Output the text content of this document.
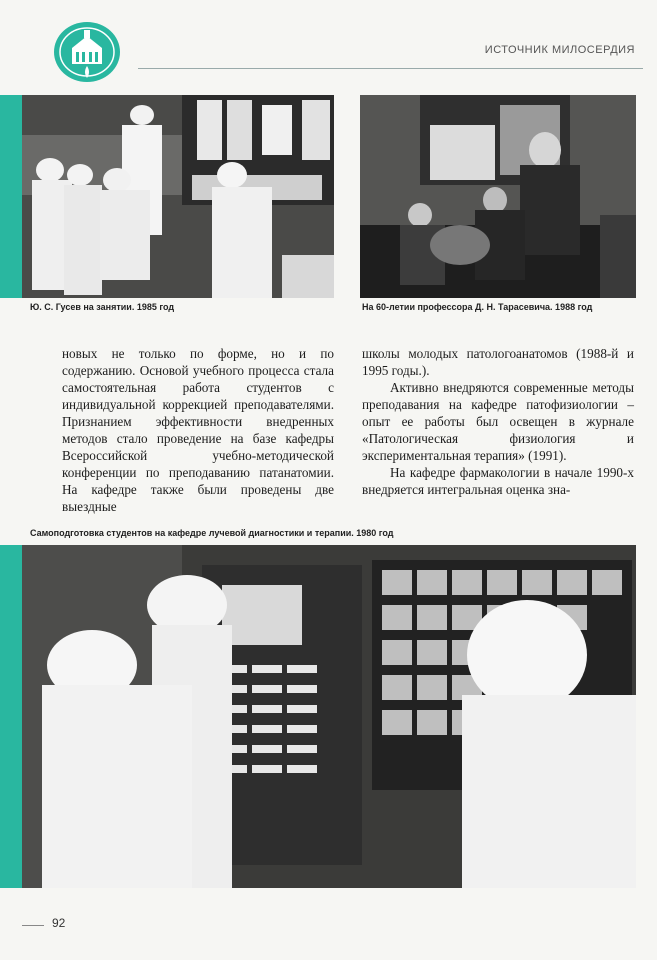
ИСТОЧНИК МИЛОСЕРДИЯ
Ю. С. Гусев на занятии. 1985 год	На 60-летии профессора Д. Н. Тарасевича. 1988 год

новых не только по форме, но и по содержанию. Основой учебного процесса стала самостоятельная работа студентов с индивидуальной коррекцией преподавателями. Признанием эффективности внедренных методов стало проведение на базе кафедры Всероссийской учебно-методической конференции по преподаванию патанатомии. На кафедре также были проведены две выездные

школы молодых патологоанатомов (1988-й и 1995 годы.).

Активно внедряются современные методы преподавания на кафедре патофизиологии – опыт ее работы был освещен в журнале «Патологическая физиология и экспериментальная терапия» (1991).

На кафедре фармакологии в начале 1990-х внедряется интегральная оценка зна-

Самоподготовка студентов на кафедре лучевой диагностики и терапии. 1980 год
92
